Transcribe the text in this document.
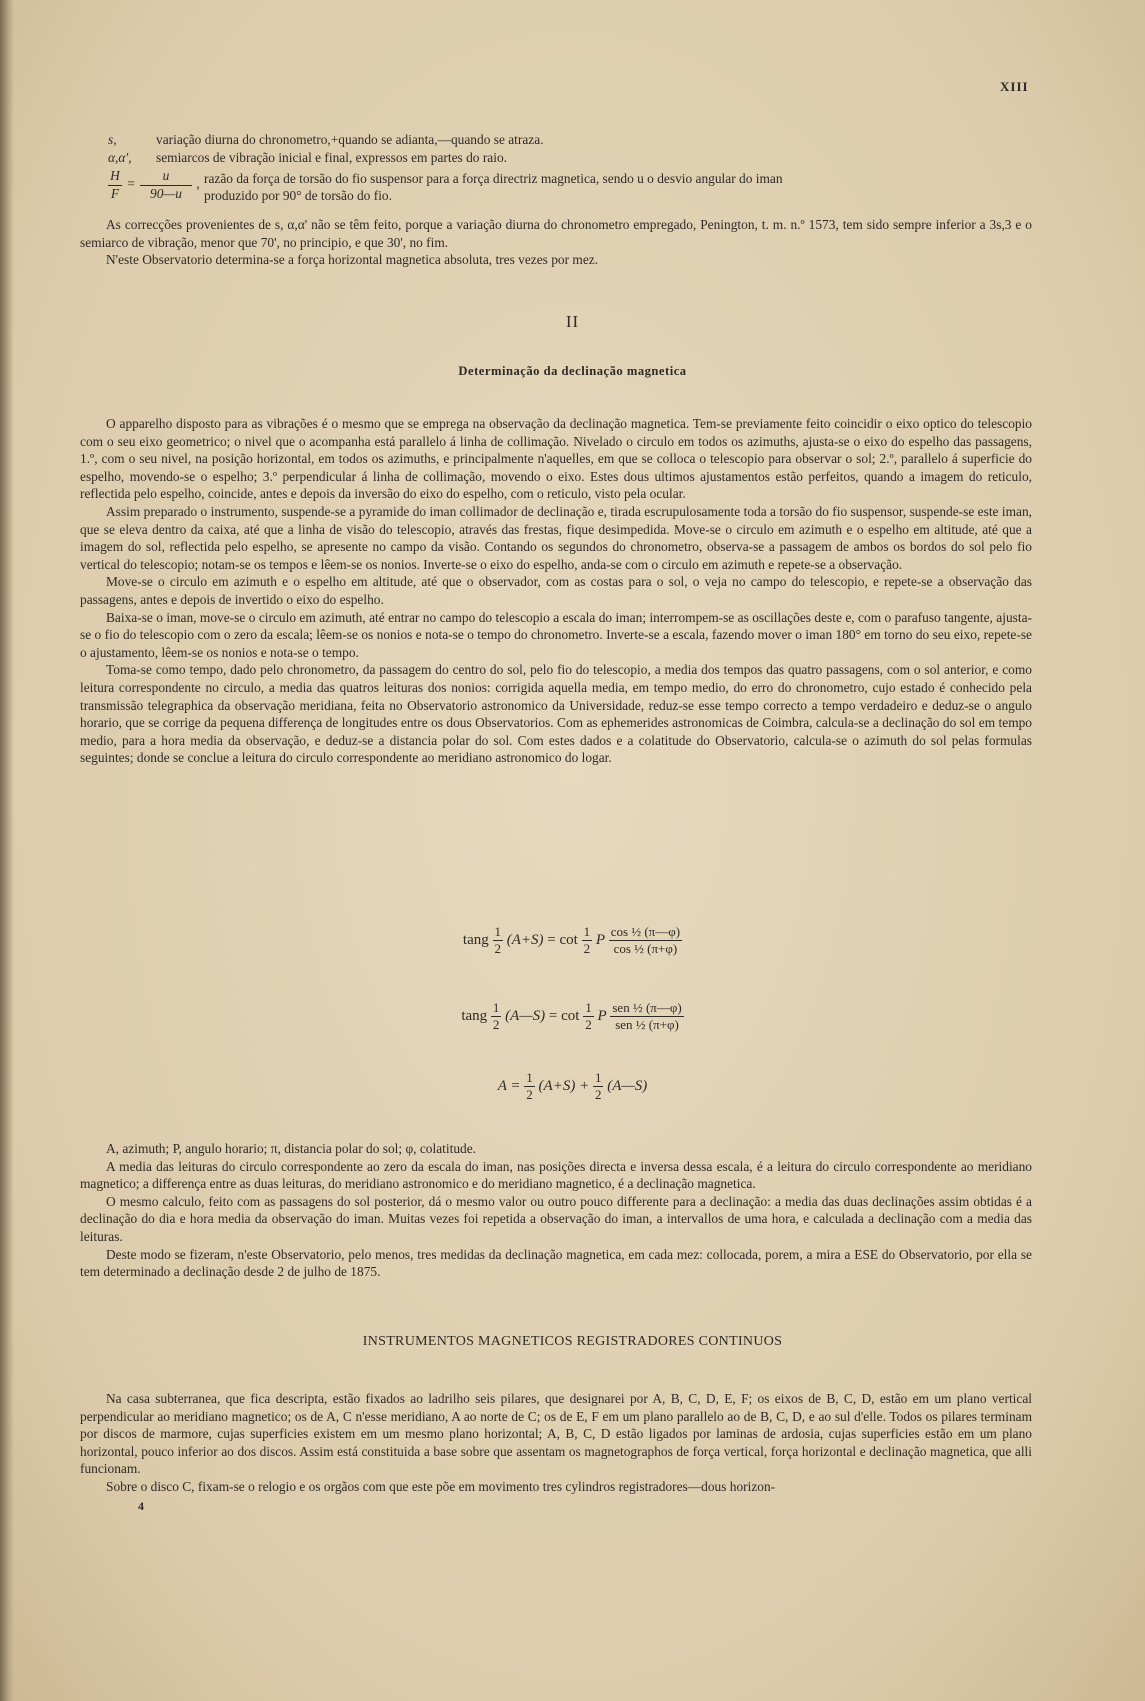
XIII
s,	variação diurna do chronometro,+quando se adianta,—quando se atraza.
α,α', semiarcos de vibração inicial e final, expressos em partes do raio.
H
F
=
u
90—u
, razão da força de torsão do fio suspensor para a força directriz magnetica, sendo u o desvio angular do iman
produzido por 90° de torsão do fio.

As correcções provenientes de s, α,α' não se têm feito, porque a variação diurna do chronometro empregado, Penington, t. m. n.º 1573, tem sido sempre inferior a 3s,3 e o semiarco de vibração, menor que 70', no principio, e que 30', no fim.

N'este Observatorio determina-se a força horizontal magnetica absoluta, tres vezes por mez.

II
Determinação da declinação magnetica

O apparelho disposto para as vibrações é o mesmo que se emprega na observação da declinação magnetica. Tem-se previamente feito coincidir o eixo optico do telescopio com o seu eixo geometrico; o nivel que o acompanha está parallelo á linha de collimação. Nivelado o circulo em todos os azimuths, ajusta-se o eixo do espelho das passagens, 1.º, com o seu nivel, na posição horizontal, em todos os azimuths, e principalmente n'aquelles, em que se colloca o telescopio para observar o sol; 2.º, parallelo á superficie do espelho, movendo-se o espelho; 3.º perpendicular á linha de collimação, movendo o eixo. Estes dous ultimos ajustamentos estão perfeitos, quando a imagem do reticulo, reflectida pelo espelho, coincide, antes e depois da inversão do eixo do espelho, com o reticulo, visto pela ocular.

Assim preparado o instrumento, suspende-se a pyramide do iman collimador de declinação e, tirada escrupulosamente toda a torsão do fio suspensor, suspende-se este iman, que se eleva dentro da caixa, até que a linha de visão do telescopio, através das frestas, fique desimpedida. Move-se o circulo em azimuth e o espelho em altitude, até que a imagem do sol, reflectida pelo espelho, se apresente no campo da visão. Contando os segundos do chronometro, observa-se a passagem de ambos os bordos do sol pelo fio vertical do telescopio; notam-se os tempos e lêem-se os nonios. Inverte-se o eixo do espelho, anda-se com o circulo em azimuth e repete-se a observação.

Move-se o circulo em azimuth e o espelho em altitude, até que o observador, com as costas para o sol, o veja no campo do telescopio, e repete-se a observação das passagens, antes e depois de invertido o eixo do espelho.

Baixa-se o iman, move-se o circulo em azimuth, até entrar no campo do telescopio a escala do iman; interrompem-se as oscillações deste e, com o parafuso tangente, ajusta-se o fio do telescopio com o zero da escala; lêem-se os nonios e nota-se o tempo do chronometro. Inverte-se a escala, fazendo mover o iman 180° em torno do seu eixo, repete-se o ajustamento, lêem-se os nonios e nota-se o tempo.

Toma-se como tempo, dado pelo chronometro, da passagem do centro do sol, pelo fio do telescopio, a media dos tempos das quatro passagens, com o sol anterior, e como leitura correspondente no circulo, a media das quatros leituras dos nonios: corrigida aquella media, em tempo medio, do erro do chronometro, cujo estado é conhecido pela transmissão telegraphica da observação meridiana, feita no Observatorio astronomico da Universidade, reduz-se esse tempo correcto a tempo verdadeiro e deduz-se o angulo horario, que se corrige da pequena differença de longitudes entre os dous Observatorios. Com as ephemerides astronomicas de Coimbra, calcula-se a declinação do sol em tempo medio, para a hora media da observação, e deduz-se a distancia polar do sol. Com estes dados e a colatitude do Observatorio, calcula-se o azimuth do sol pelas formulas seguintes; donde se conclue a leitura do circulo correspondente ao meridiano astronomico do logar.

tang $\frac{1}{2} (A+S) = \cot \frac{1}{2}$ P $\frac{\text{cos ½ (π—φ)}}{\text{cos ½ (π+φ)}}$
tang $\frac{1}{2}$ (A—S) = $\cot \frac{1}{2}$ P
sen ½ (π—φ)
sen ½ (π+φ)
$A = \frac{1}{2} (A+S) + \frac{1}{2}$ (A—S)
A, azimuth; P, angulo horario; π, distancia polar do sol; φ, colatitude.

A media das leituras do circulo correspondente ao zero da escala do iman, nas posições directa e inversa dessa escala, é a leitura do circulo correspondente ao meridiano magnetico; a differença entre as duas leituras, do meridiano astronomico e do meridiano magnetico, é a declinação magnetica.

O mesmo calculo, feito com as passagens do sol posterior, dá o mesmo valor ou outro pouco differente para a declinação: a media das duas declinações assim obtidas é a declinação do dia e hora media da observação do iman. Muitas vezes foi repetida a observação do iman, a intervallos de uma hora, e calculada a declinação com a media das leituras.

Deste modo se fizeram, n'este Observatorio, pelo menos, tres medidas da declinação magnetica, em cada mez: collocada, porem, a mira a ESE do Observatorio, por ella se tem determinado a declinação desde 2 de julho de 1875.

INSTRUMENTOS MAGNETICOS REGISTRADORES CONTINUOS

Na casa subterranea, que fica descripta, estão fixados ao ladrilho seis pilares, que designarei por A, B, C, D, E, F; os eixos de B, C, D, estão em um plano vertical perpendicular ao meridiano magnetico; os de A, C n'esse meridiano, A ao norte de C; os de E, F em um plano parallelo ao de B, C, D, e ao sul d'elle. Todos os pilares terminam por discos de marmore, cujas superficies existem em um mesmo plano horizontal; A, B, C, D estão ligados por laminas de ardosia, cujas superficies estão em um plano horizontal, pouco inferior ao dos discos. Assim está constituida a base sobre que assentam os magnetographos de força vertical, força horizontal e declinação magnetica, que alli funcionam.

Sobre o disco C, fixam-se o relogio e os orgãos com que este põe em movimento tres cylindros registradores—dous horizon-

4
